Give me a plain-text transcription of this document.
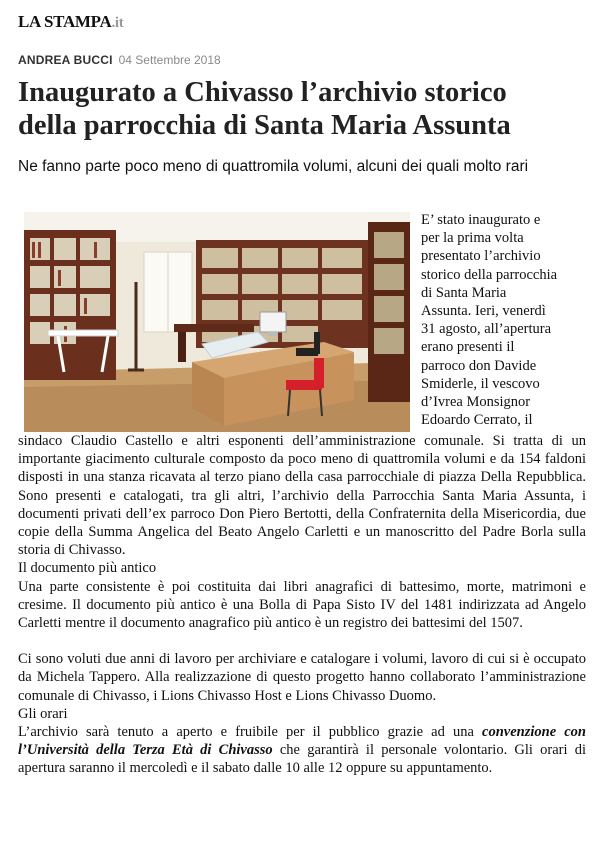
LA STAMPA.it
ANDREA BUCCI 04 Settembre 2018
Inaugurato a Chivasso l’archivio storico
della parrocchia di Santa Maria Assunta
Ne fanno parte poco meno di quattromila volumi, alcuni dei quali molto rari
E’ stato inaugurato e
per la prima volta
presentato l’archivio
storico della parrocchia
di Santa Maria
Assunta. Ieri, venerdì
31 agosto, all’apertura
erano presenti il
parroco don Davide
Smiderle, il vescovo
d’Ivrea Monsignor
Edoardo Cerrato, il

sindaco Claudio Castello e altri esponenti dell’amministrazione comunale. Si tratta di un importante giacimento culturale composto da poco meno di quattromila volumi e da 154 faldoni disposti in una stanza ricavata al terzo piano della casa parrocchiale di piazza Della Repubblica. Sono presenti e catalogati, tra gli altri, l’archivio della Parrocchia Santa Maria Assunta, i documenti privati dell’ex parroco Don Piero Bertotti, della Confraternita della Misericordia, due copie della Summa Angelica del Beato Angelo Carletti e un manoscritto del Padre Borla sulla storia di Chivasso.

Il documento più antico

Una parte consistente è poi costituita dai libri anagrafici di battesimo, morte, matrimoni e cresime. Il documento più antico è una Bolla di Papa Sisto IV del 1481 indirizzata ad Angelo Carletti mentre il documento anagrafico più antico è un registro dei battesimi del 1507.

Ci sono voluti due anni di lavoro per archiviare e catalogare i volumi, lavoro di cui si è occupato da Michela Tappero. Alla realizzazione di questo progetto hanno collaborato l’amministrazione comunale di Chivasso, i Lions Chivasso Host e Lions Chivasso Duomo.

Gli orari

L’archivio sarà tenuto a aperto e fruibile per il pubblico grazie ad una convenzione con l’Università della Terza Età di Chivasso che garantirà il personale volontario. Gli orari di apertura saranno il mercoledì e il sabato dalle 10 alle 12 oppure su appuntamento.
